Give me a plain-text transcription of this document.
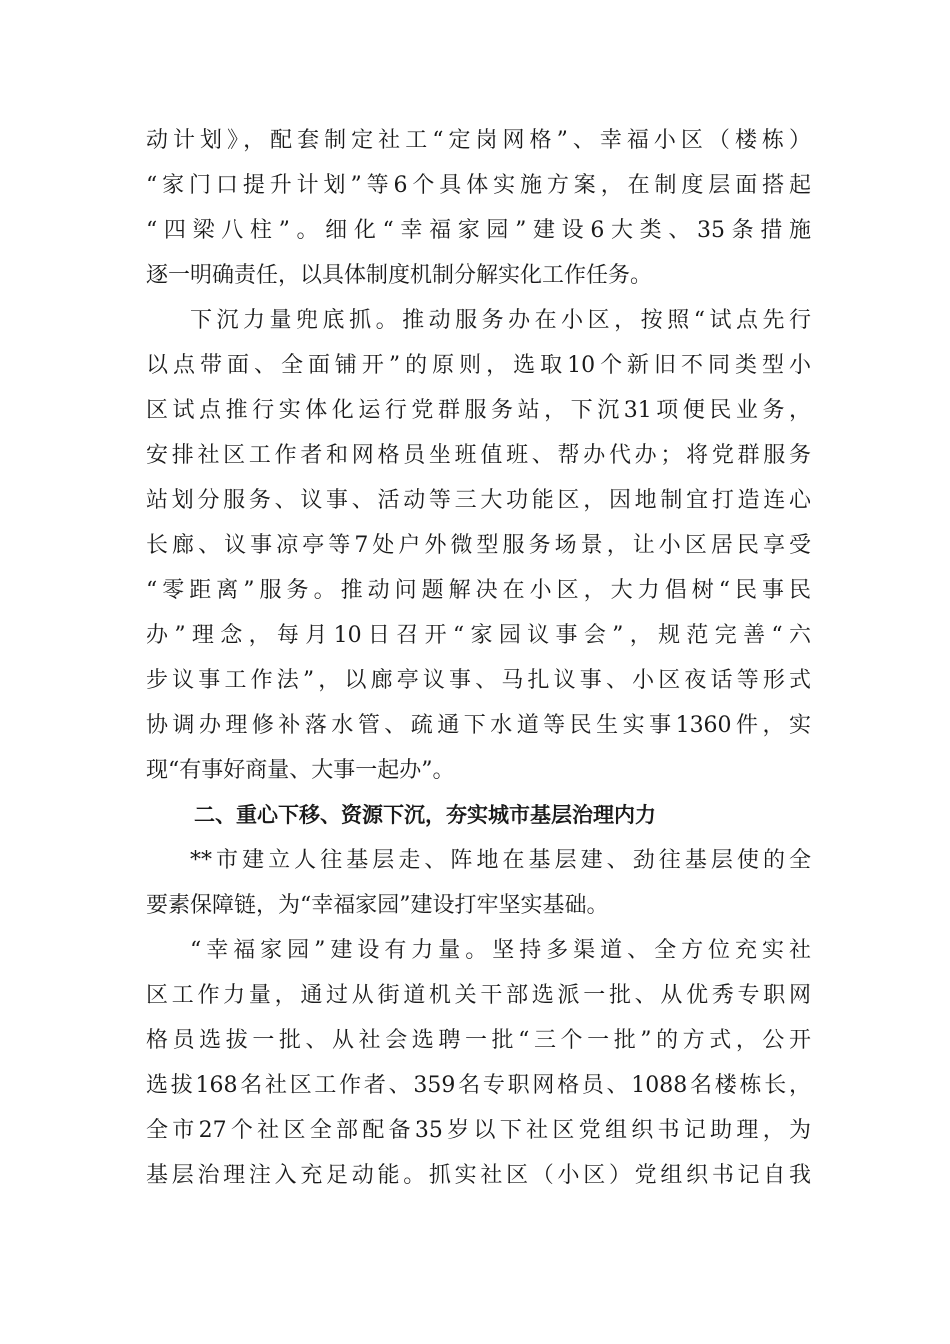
动计划》，配套制定社工“定岗网格”、幸福小区（楼栋）
“家门口提升计划”等6个具体实施方案，在制度层面搭起
“四梁八柱”。细化“幸福家园”建设6大类、35条措施
逐一明确责任，以具体制度机制分解实化工作任务。
下沉力量兜底抓。推动服务办在小区，按照“试点先行
以点带面、全面铺开”的原则，选取10个新旧不同类型小
区试点推行实体化运行党群服务站，下沉31项便民业务，
安排社区工作者和网格员坐班值班、帮办代办；将党群服务
站划分服务、议事、活动等三大功能区，因地制宜打造连心
长廊、议事凉亭等7处户外微型服务场景，让小区居民享受
“零距离”服务。推动问题解决在小区，大力倡树“民事民
办”理念，每月10日召开“家园议事会”，规范完善“六
步议事工作法”，以廊亭议事、马扎议事、小区夜话等形式
协调办理修补落水管、疏通下水道等民生实事1360件，实
现“有事好商量、大事一起办”。
二、重心下移、资源下沉，夯实城市基层治理内力
**市建立人往基层走、阵地在基层建、劲往基层使的全
要素保障链，为“幸福家园”建设打牢坚实基础。
“幸福家园”建设有力量。坚持多渠道、全方位充实社
区工作力量，通过从街道机关干部选派一批、从优秀专职网
格员选拔一批、从社会选聘一批“三个一批”的方式，公开
选拔168名社区工作者、359名专职网格员、1088名楼栋长，
全市27个社区全部配备35岁以下社区党组织书记助理，为
基层治理注入充足动能。抓实社区（小区）党组织书记自我
